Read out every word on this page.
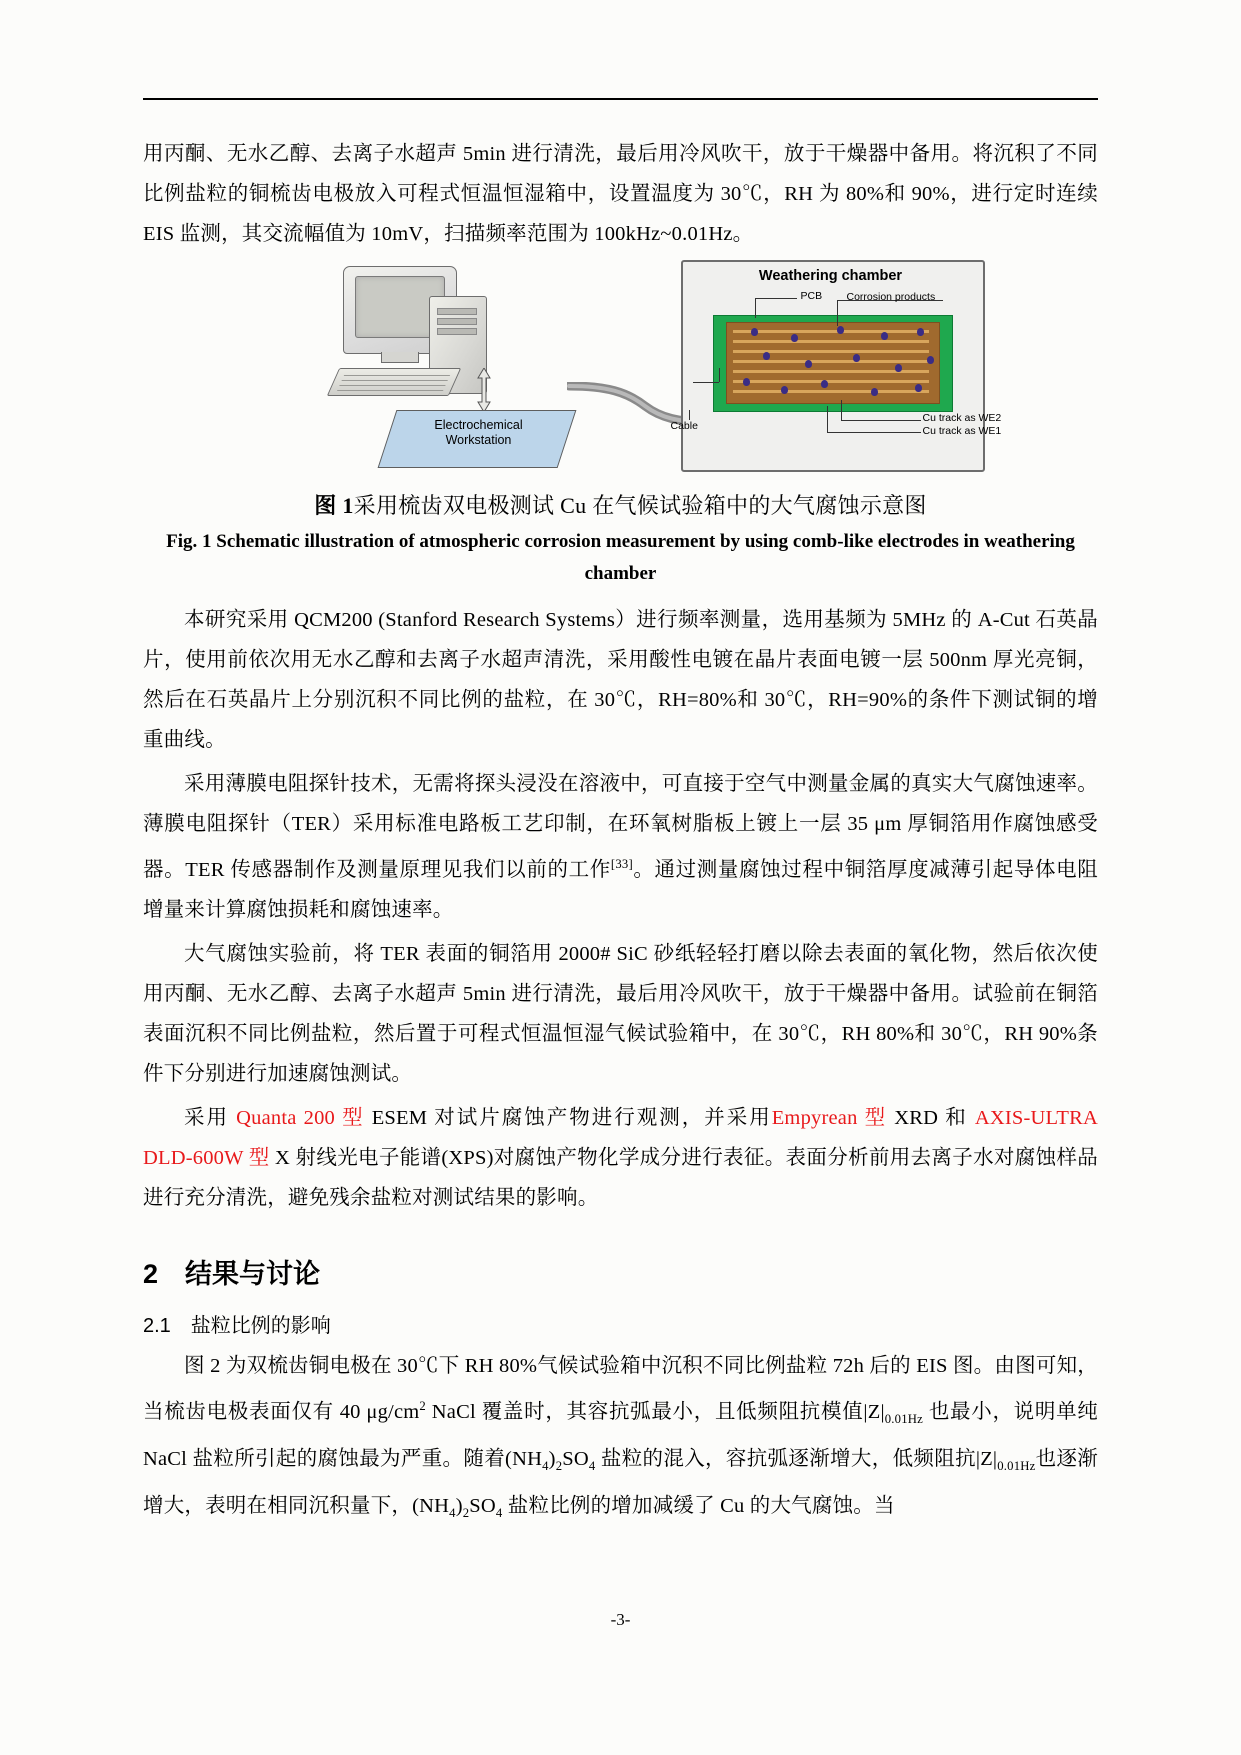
用丙酮、无水乙醇、去离子水超声 5min 进行清洗，最后用冷风吹干，放于干燥器中备用。将沉积了不同比例盐粒的铜梳齿电极放入可程式恒温恒湿箱中，设置温度为 30℃，RH 为 80%和 90%，进行定时连续 EIS 监测，其交流幅值为 10mV，扫描频率范围为 100kHz~0.01Hz。

Electrochemical
Workstation
Weathering chamber
PCB Corrosion products
Cable
Cu track as WE2
Cu track as WE1

图 1采用梳齿双电极测试 Cu 在气候试验箱中的大气腐蚀示意图

Fig. 1 Schematic illustration of atmospheric corrosion measurement by using comb-like electrodes in weathering chamber

本研究采用 QCM200 (Stanford Research Systems）进行频率测量，选用基频为 5MHz 的 A-Cut 石英晶片，使用前依次用无水乙醇和去离子水超声清洗，采用酸性电镀在晶片表面电镀一层 500nm 厚光亮铜，然后在石英晶片上分别沉积不同比例的盐粒，在 30℃，RH=80%和 30℃，RH=90%的条件下测试铜的增重曲线。

采用薄膜电阻探针技术，无需将探头浸没在溶液中，可直接于空气中测量金属的真实大气腐蚀速率。薄膜电阻探针（TER）采用标准电路板工艺印制，在环氧树脂板上镀上一层 35 μm 厚铜箔用作腐蚀感受器。TER 传感器制作及测量原理见我们以前的工作[33]。通过测量腐蚀过程中铜箔厚度减薄引起导体电阻增量来计算腐蚀损耗和腐蚀速率。

大气腐蚀实验前，将 TER 表面的铜箔用 2000# SiC 砂纸轻轻打磨以除去表面的氧化物，然后依次使用丙酮、无水乙醇、去离子水超声 5min 进行清洗，最后用冷风吹干，放于干燥器中备用。试验前在铜箔表面沉积不同比例盐粒，然后置于可程式恒温恒湿气候试验箱中，在 30℃，RH 80%和 30℃，RH 90%条件下分别进行加速腐蚀测试。

采用 Quanta 200 型 ESEM 对试片腐蚀产物进行观测，并采用Empyrean 型 XRD 和 AXIS-ULTRA DLD-600W 型 X 射线光电子能谱(XPS)对腐蚀产物化学成分进行表征。表面分析前用去离子水对腐蚀样品进行充分清洗，避免残余盐粒对测试结果的影响。

2　结果与讨论
2.1　盐粒比例的影响

图 2 为双梳齿铜电极在 30℃下 RH 80%气候试验箱中沉积不同比例盐粒 72h 后的 EIS 图。由图可知，当梳齿电极表面仅有 40 $\mu g/cm^2$ NaCl 覆盖时，其容抗弧最小，且低频阻抗模值$|Z|_{0.01Hz}$ 也最小，说明单纯 NaCl 盐粒所引起的腐蚀最为严重。随着$(NH_4)_2SO_4$ 盐粒的混入，容抗弧逐渐增大，低频阻抗$|Z|_{0.01Hz}$也逐渐增大，表明在相同沉积量下，$(NH_4)_2SO_4$ 盐粒比例的增加减缓了 Cu 的大气腐蚀。当

-3-
